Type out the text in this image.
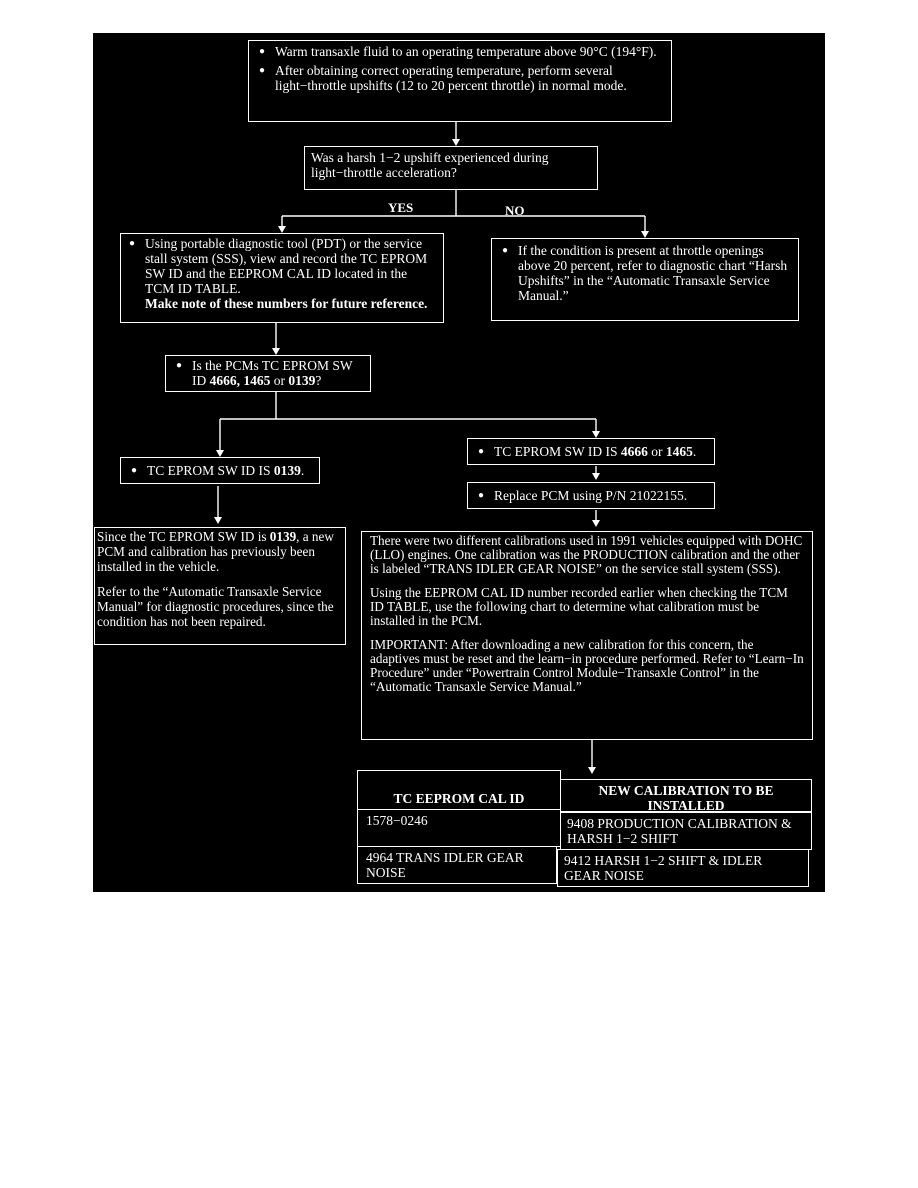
● Warm transaxle fluid to an operating temperature above 90°C (194°F).
● After obtaining correct operating temperature, perform several light−throttle upshifts (12 to 20 percent throttle) in normal mode.
Was a harsh 1−2 upshift experienced during light−throttle acceleration?
YES	NO
● Using portable diagnostic tool (PDT) or the service stall system (SSS), view and record the TC EPROM SW ID and the EEPROM CAL ID located in the TCM ID TABLE.
Make note of these numbers for future reference.
● If the condition is present at throttle openings above 20 percent, refer to diagnostic chart “Harsh Upshifts” in the “Automatic Transaxle Service Manual.”
● Is the PCMs TC EPROM SW ID 4666, 1465 or 0139?
● TC EPROM SW ID IS 0139.
● TC EPROM SW ID IS 4666 or 1465.
● Replace PCM using P/N 21022155.

Since the TC EPROM SW ID is 0139, a new PCM and calibration has previously been installed in the vehicle.

Refer to the “Automatic Transaxle Service Manual” for diagnostic procedures, since the condition has not been repaired.

There were two different calibrations used in 1991 vehicles equipped with DOHC (LLO) engines. One calibration was the PRODUCTION calibration and the other is labeled “TRANS IDLER GEAR NOISE” on the service stall system (SSS).

Using the EEPROM CAL ID number recorded earlier when checking the TCM ID TABLE, use the following chart to determine what calibration must be installed in the PCM.

IMPORTANT: After downloading a new calibration for this concern, the adaptives must be reset and the learn−in procedure performed. Refer to “Learn−In Procedure” under “Powertrain Control Module−Transaxle Control” in the “Automatic Transaxle Service Manual.”

TC EEPROM CAL ID
NEW CALIBRATION TO BE INSTALLED
1578−0246	9408 PRODUCTION CALIBRATION & HARSH 1−2 SHIFT
4964 TRANS IDLER GEAR NOISE
9412 HARSH 1−2 SHIFT & IDLER GEAR NOISE
